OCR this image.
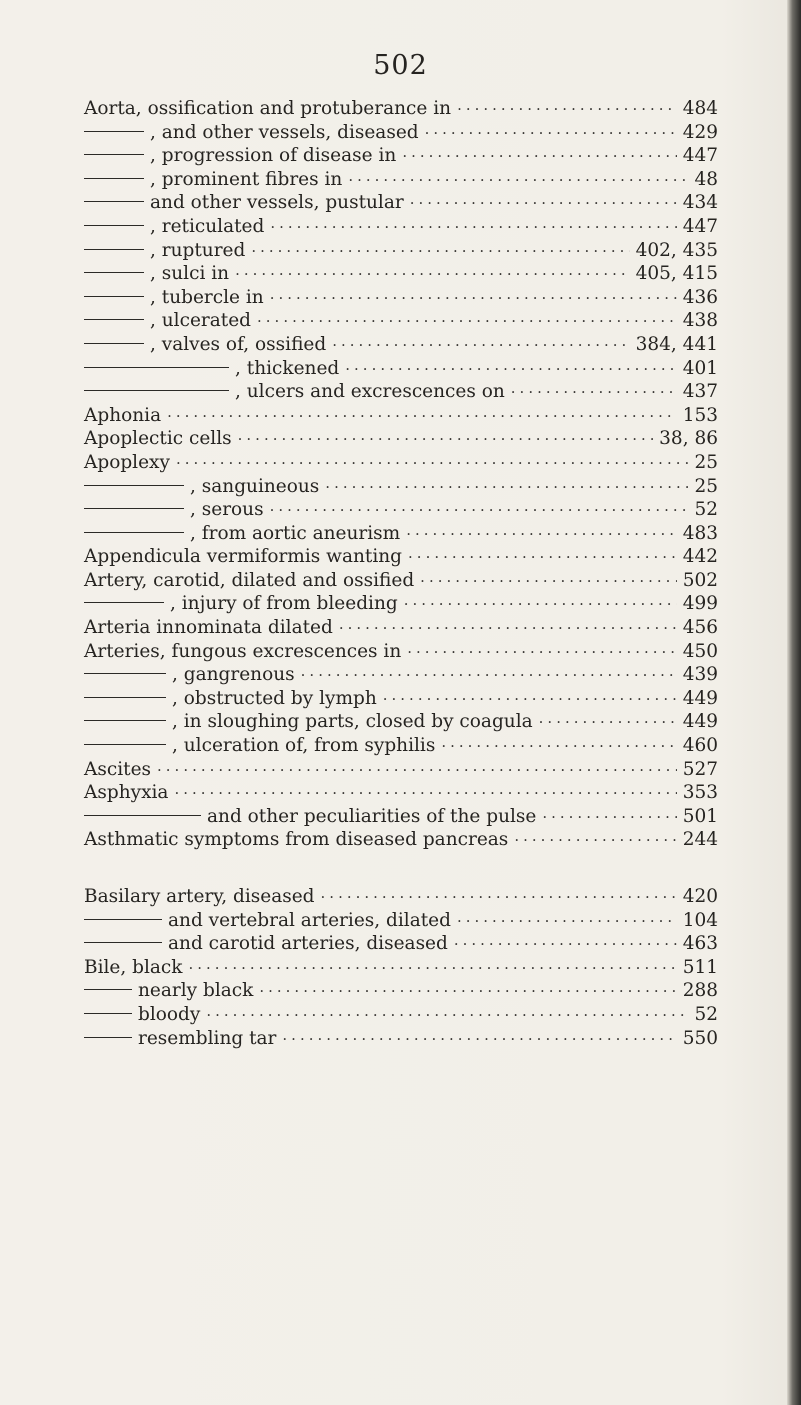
502
Aorta, ossification and protuberance in ·····	484
, and other vessels, diseased ·····	429
, progression of disease in ·····	447
, prominent fibres in ·····	48
and other vessels, pustular ·····	434
, reticulated ·····	447
, ruptured ·····	402, 435
, sulci in ·····	405, 415
, tubercle in ·····	436
, ulcerated ·····	438
, valves of, ossified ·····	384, 441
, thickened ·····	401
, ulcers and excrescences on ·····	437
Aphonia ·····	153
Apoplectic cells ·····	38, 86
Apoplexy ·····	25
, sanguineous ·····	25
, serous ·····	52
, from aortic aneurism ·····	483
Appendicula vermiformis wanting ·····	442
Artery, carotid, dilated and ossified ·····	502
, injury of from bleeding ·····	499
Arteria innominata dilated ·····	456
Arteries, fungous excrescences in ·····	450
, gangrenous ·····	439
, obstructed by lymph ·····	449
, in sloughing parts, closed by coagula ·····	449
, ulceration of, from syphilis ·····	460
Ascites ·····	527
Asphyxia ·····	353
and other peculiarities of the pulse ·····	501
Asthmatic symptoms from diseased pancreas ·····	244
Basilary artery, diseased ·····	420
and vertebral arteries, dilated ·····	104
and carotid arteries, diseased ·····	463
Bile, black ·····	511
nearly black ·····	288
bloody ·····	52
resembling tar ·····	550
